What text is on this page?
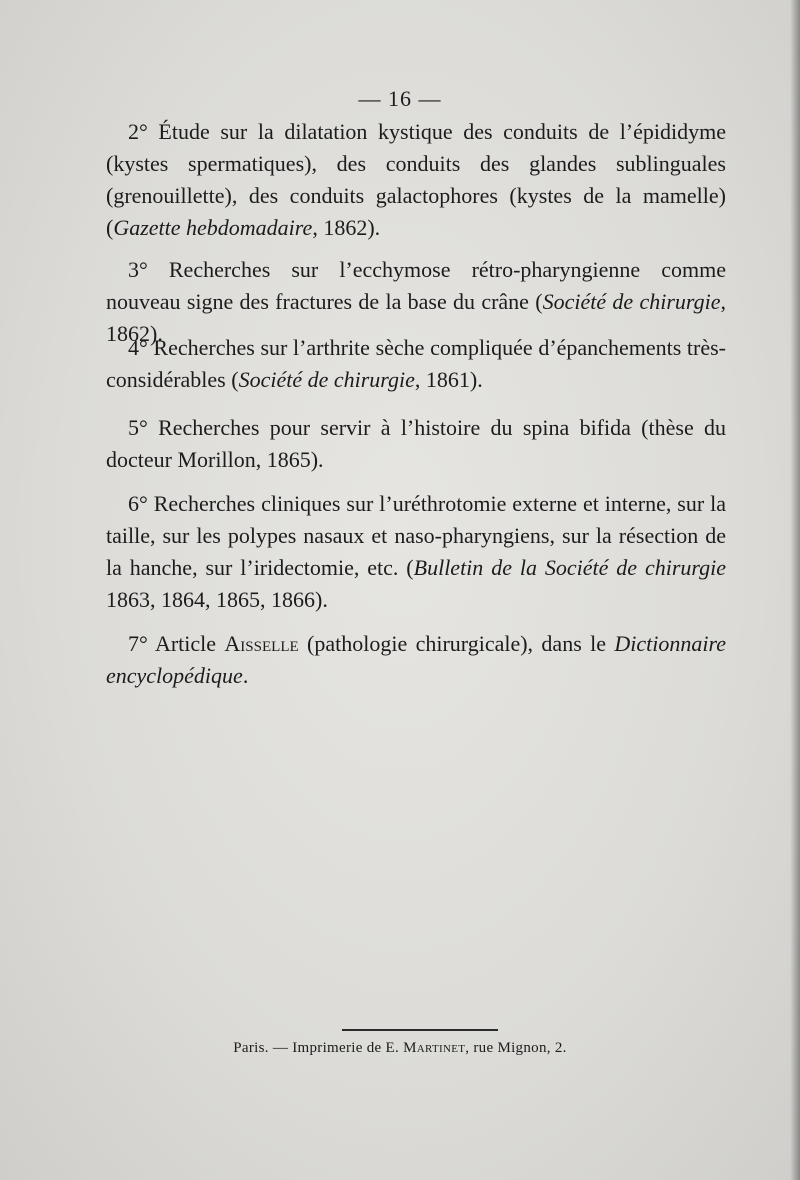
— 16 —

2° Étude sur la dilatation kystique des conduits de l’épididyme (kystes spermatiques), des conduits des glandes sublinguales (grenouillette), des conduits galactophores (kystes de la mamelle) (Gazette hebdomadaire, 1862).

3° Recherches sur l’ecchymose rétro-pharyngienne comme nouveau signe des fractures de la base du crâne (Société de chirurgie, 1862).

4° Recherches sur l’arthrite sèche compliquée d’épanchements très-considérables (Société de chirurgie, 1861).

5° Recherches pour servir à l’histoire du spina bifida (thèse du docteur Morillon, 1865).

6° Recherches cliniques sur l’uréthrotomie externe et interne, sur la taille, sur les polypes nasaux et naso-pharyngiens, sur la résection de la hanche, sur l’iridectomie, etc. (Bulletin de la Société de chirurgie 1863, 1864, 1865, 1866).

7° Article Aisselle (pathologie chirurgicale), dans le Dictionnaire encyclopédique.

Paris. — Imprimerie de E. Martinet, rue Mignon, 2.
